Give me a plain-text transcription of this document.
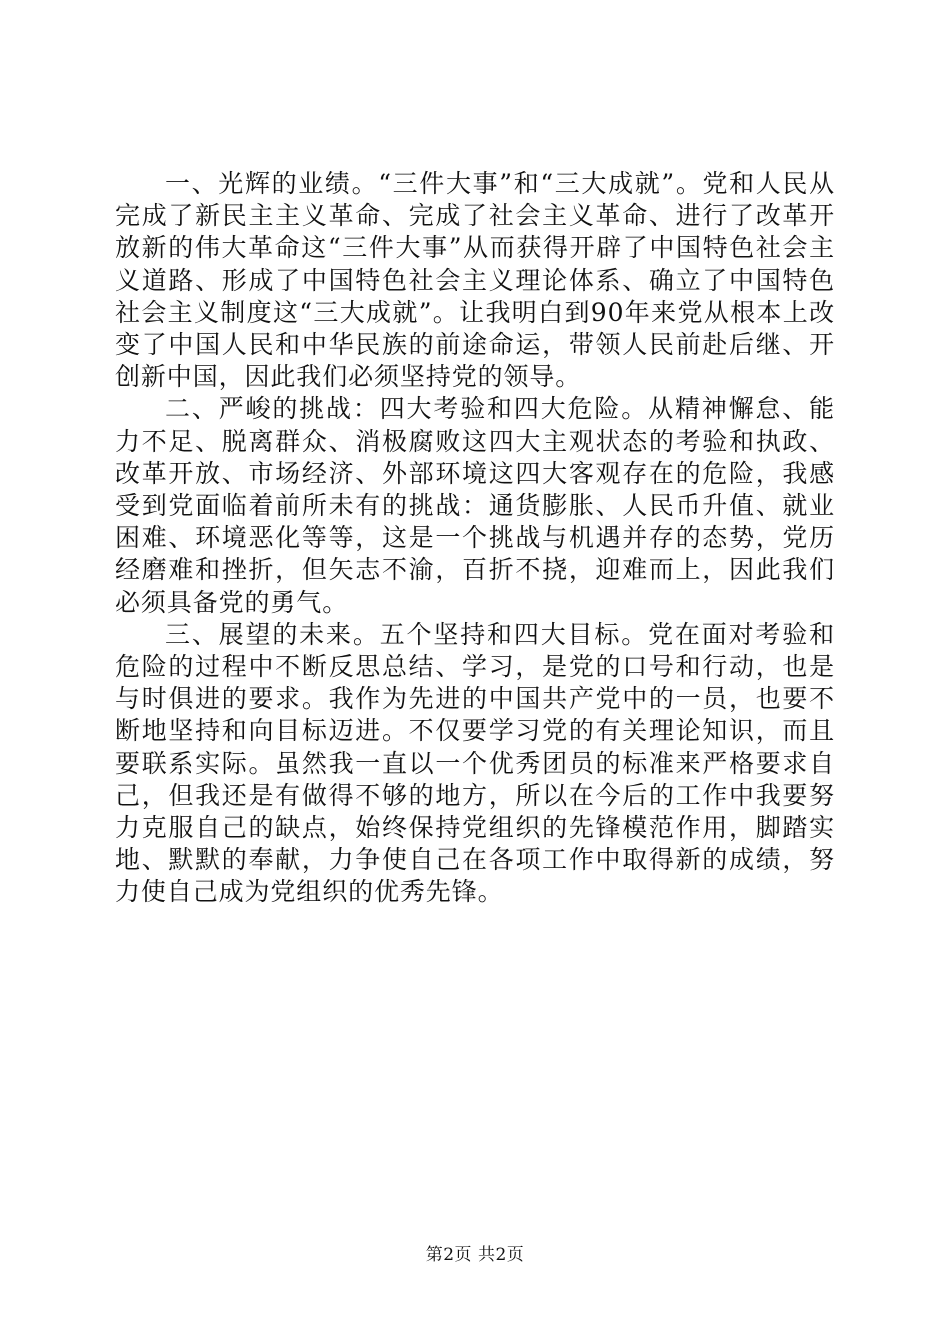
一、光辉的业绩。“三件大事”和“三大成就”。党和人民从完成了新民主主义革命、完成了社会主义革命、进行了改革开放新的伟大革命这“三件大事”从而获得开辟了中国特色社会主义道路、形成了中国特色社会主义理论体系、确立了中国特色社会主义制度这“三大成就”。让我明白到90年来党从根本上改变了中国人民和中华民族的前途命运，带领人民前赴后继、开创新中国，因此我们必须坚持党的领导。

二、严峻的挑战：四大考验和四大危险。从精神懈怠、能力不足、脱离群众、消极腐败这四大主观状态的考验和执政、改革开放、市场经济、外部环境这四大客观存在的危险，我感受到党面临着前所未有的挑战：通货膨胀、人民币升值、就业困难、环境恶化等等，这是一个挑战与机遇并存的态势，党历经磨难和挫折，但矢志不渝，百折不挠，迎难而上，因此我们必须具备党的勇气。

三、展望的未来。五个坚持和四大目标。党在面对考验和危险的过程中不断反思总结、学习，是党的口号和行动，也是与时俱进的要求。我作为先进的中国共产党中的一员，也要不断地坚持和向目标迈进。不仅要学习党的有关理论知识，而且要联系实际。虽然我一直以一个优秀团员的标准来严格要求自己，但我还是有做得不够的地方，所以在今后的工作中我要努力克服自己的缺点，始终保持党组织的先锋模范作用，脚踏实地、默默的奉献，力争使自己在各项工作中取得新的成绩，努力使自己成为党组织的优秀先锋。

第2页 共2页
